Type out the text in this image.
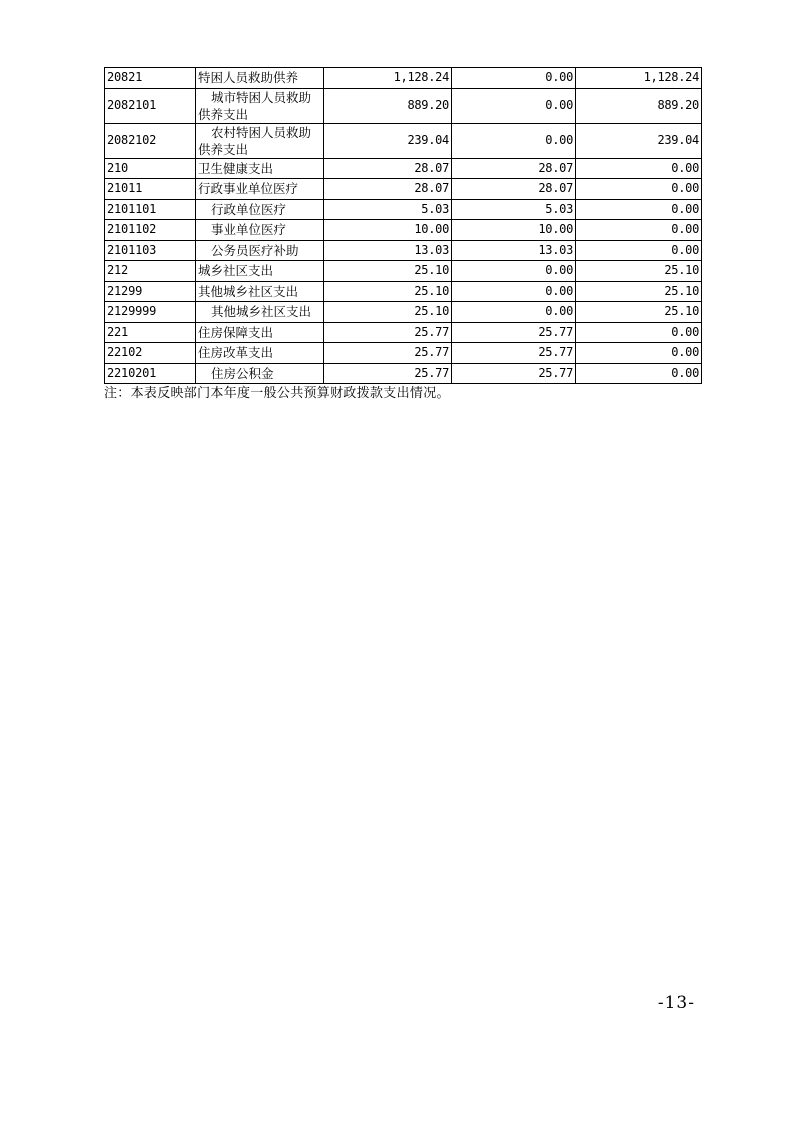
20821	特困人员救助供养	1,128.24	0.00	1,128.24
2082101	城市特困人员救助供养支出	889.20	0.00	889.20
2082102	农村特困人员救助供养支出	239.04	0.00	239.04
210	卫生健康支出	28.07	28.07	0.00
21011	行政事业单位医疗	28.07	28.07	0.00
2101101	行政单位医疗	5.03	5.03	0.00
2101102	事业单位医疗	10.00	10.00	0.00
2101103	公务员医疗补助	13.03	13.03	0.00
212	城乡社区支出	25.10	0.00	25.10
21299	其他城乡社区支出	25.10	0.00	25.10
2129999	其他城乡社区支出	25.10	0.00	25.10
221	住房保障支出	25.77	25.77	0.00
22102	住房改革支出	25.77	25.77	0.00
2210201	住房公积金	25.77	25.77	0.00
注：本表反映部门本年度一般公共预算财政拨款支出情况。
-13-
